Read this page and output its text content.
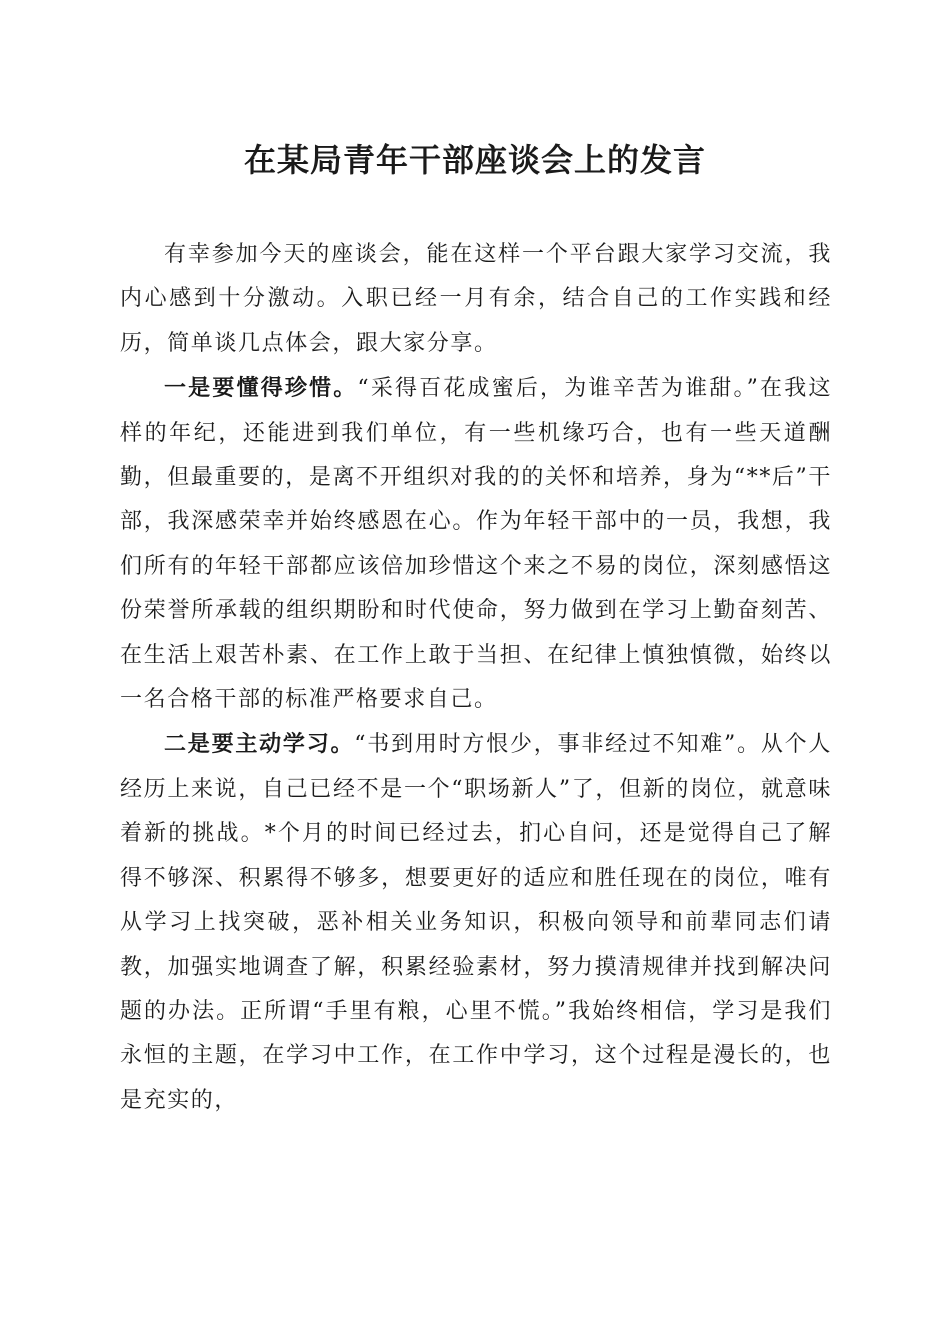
在某局青年干部座谈会上的发言

有幸参加今天的座谈会，能在这样一个平台跟大家学习交流，我内心感到十分激动。入职已经一月有余，结合自己的工作实践和经历，简单谈几点体会，跟大家分享。

一是要懂得珍惜。“采得百花成蜜后，为谁辛苦为谁甜。”在我这样的年纪，还能进到我们单位，有一些机缘巧合，也有一些天道酬勤，但最重要的，是离不开组织对我的的关怀和培养，身为“**后”干部，我深感荣幸并始终感恩在心。作为年轻干部中的一员，我想，我们所有的年轻干部都应该倍加珍惜这个来之不易的岗位，深刻感悟这份荣誉所承载的组织期盼和时代使命，努力做到在学习上勤奋刻苦、在生活上艰苦朴素、在工作上敢于当担、在纪律上慎独慎微，始终以一名合格干部的标准严格要求自己。

二是要主动学习。“书到用时方恨少，事非经过不知难”。从个人经历上来说，自己已经不是一个“职场新人”了，但新的岗位，就意味着新的挑战。*个月的时间已经过去，扪心自问，还是觉得自己了解得不够深、积累得不够多，想要更好的适应和胜任现在的岗位，唯有从学习上找突破，恶补相关业务知识，积极向领导和前辈同志们请教，加强实地调查了解，积累经验素材，努力摸清规律并找到解决问题的办法。正所谓“手里有粮，心里不慌。”我始终相信，学习是我们永恒的主题，在学习中工作，在工作中学习，这个过程是漫长的，也是充实的，
